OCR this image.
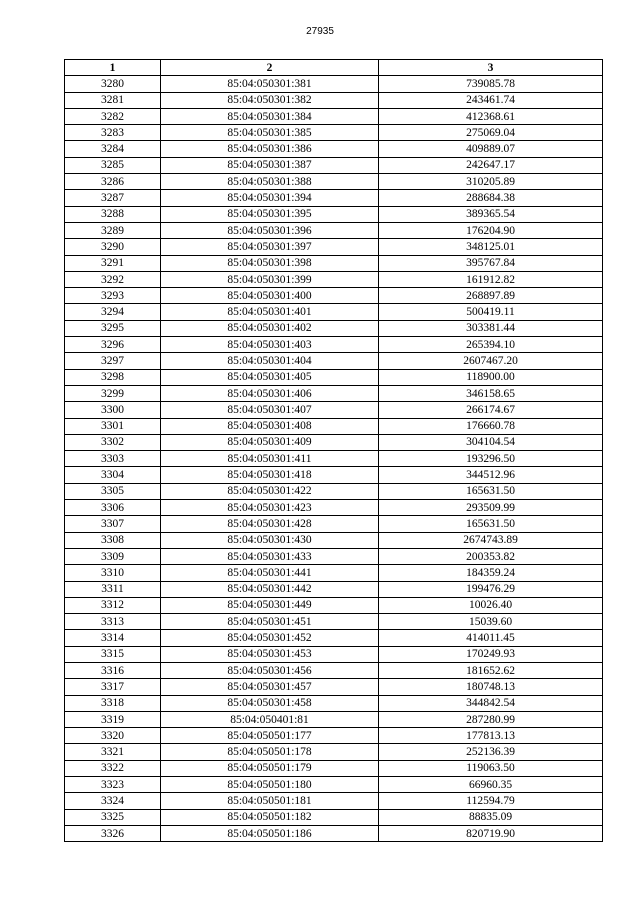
27935
1	2	3
3280	85:04:050301:381	739085.78
3281	85:04:050301:382	243461.74
3282	85:04:050301:384	412368.61
3283	85:04:050301:385	275069.04
3284	85:04:050301:386	409889.07
3285	85:04:050301:387	242647.17
3286	85:04:050301:388	310205.89
3287	85:04:050301:394	288684.38
3288	85:04:050301:395	389365.54
3289	85:04:050301:396	176204.90
3290	85:04:050301:397	348125.01
3291	85:04:050301:398	395767.84
3292	85:04:050301:399	161912.82
3293	85:04:050301:400	268897.89
3294	85:04:050301:401	500419.11
3295	85:04:050301:402	303381.44
3296	85:04:050301:403	265394.10
3297	85:04:050301:404	2607467.20
3298	85:04:050301:405	118900.00
3299	85:04:050301:406	346158.65
3300	85:04:050301:407	266174.67
3301	85:04:050301:408	176660.78
3302	85:04:050301:409	304104.54
3303	85:04:050301:411	193296.50
3304	85:04:050301:418	344512.96
3305	85:04:050301:422	165631.50
3306	85:04:050301:423	293509.99
3307	85:04:050301:428	165631.50
3308	85:04:050301:430	2674743.89
3309	85:04:050301:433	200353.82
3310	85:04:050301:441	184359.24
3311	85:04:050301:442	199476.29
3312	85:04:050301:449	10026.40
3313	85:04:050301:451	15039.60
3314	85:04:050301:452	414011.45
3315	85:04:050301:453	170249.93
3316	85:04:050301:456	181652.62
3317	85:04:050301:457	180748.13
3318	85:04:050301:458	344842.54
3319	85:04:050401:81	287280.99
3320	85:04:050501:177	177813.13
3321	85:04:050501:178	252136.39
3322	85:04:050501:179	119063.50
3323	85:04:050501:180	66960.35
3324	85:04:050501:181	112594.79
3325	85:04:050501:182	88835.09
3326	85:04:050501:186	820719.90
